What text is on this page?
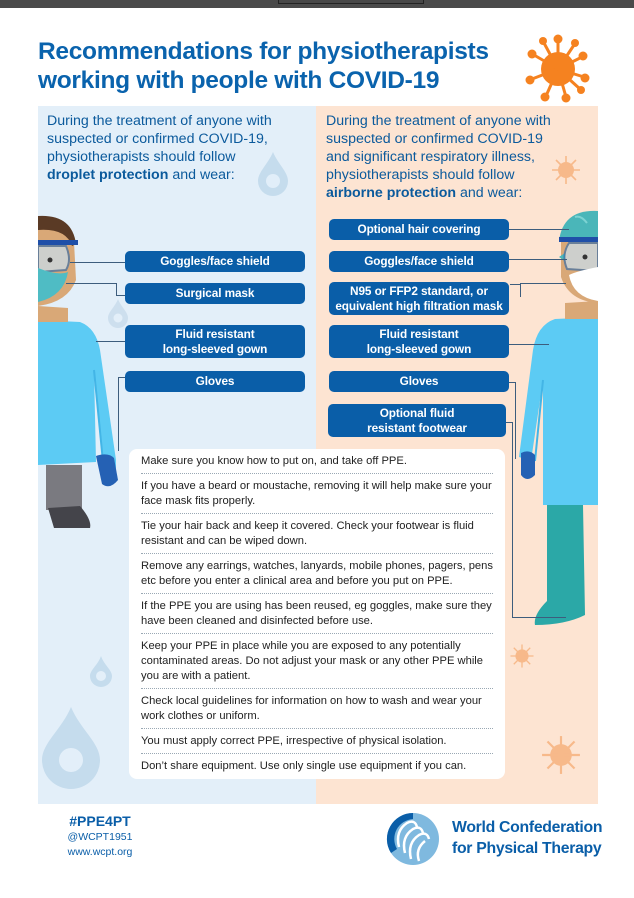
Recommendations for physiotherapists
working with people with COVID-19
During the treatment of anyone with
suspected or confirmed COVID-19,
physiotherapists should follow
droplet protection and wear:
During the treatment of anyone with
suspected or confirmed COVID-19
and significant respiratory illness,
physiotherapists should follow
airborne protection and wear:
Goggles/face shield
Surgical mask
Fluid resistant
long-sleeved gown
Gloves
Optional hair covering
Goggles/face shield
N95 or FFP2 standard, or
equivalent high filtration mask
Fluid resistant
long-sleeved gown
Gloves
Optional fluid
resistant footwear
Make sure you know how to put on, and take off PPE.
If you have a beard or moustache, removing it will help make sure your face mask fits properly.
Tie your hair back and keep it covered. Check your footwear is fluid resistant and can be wiped down.
Remove any earrings, watches, lanyards, mobile phones, pagers, pens etc before you enter a clinical area and before you put on PPE.
If the PPE you are using has been reused, eg goggles, make sure they have been cleaned and disinfected before use.
Keep your PPE in place while you are exposed to any potentially contaminated areas. Do not adjust your mask or any other PPE while you are with a patient.
Check local guidelines for information on how to wash and wear your work clothes or uniform.
You must apply correct PPE, irrespective of physical isolation.
Don’t share equipment. Use only single use equipment if you can.
#PPE4PT
@WCPT1951
www.wcpt.org
World Confederation
for Physical Therapy
